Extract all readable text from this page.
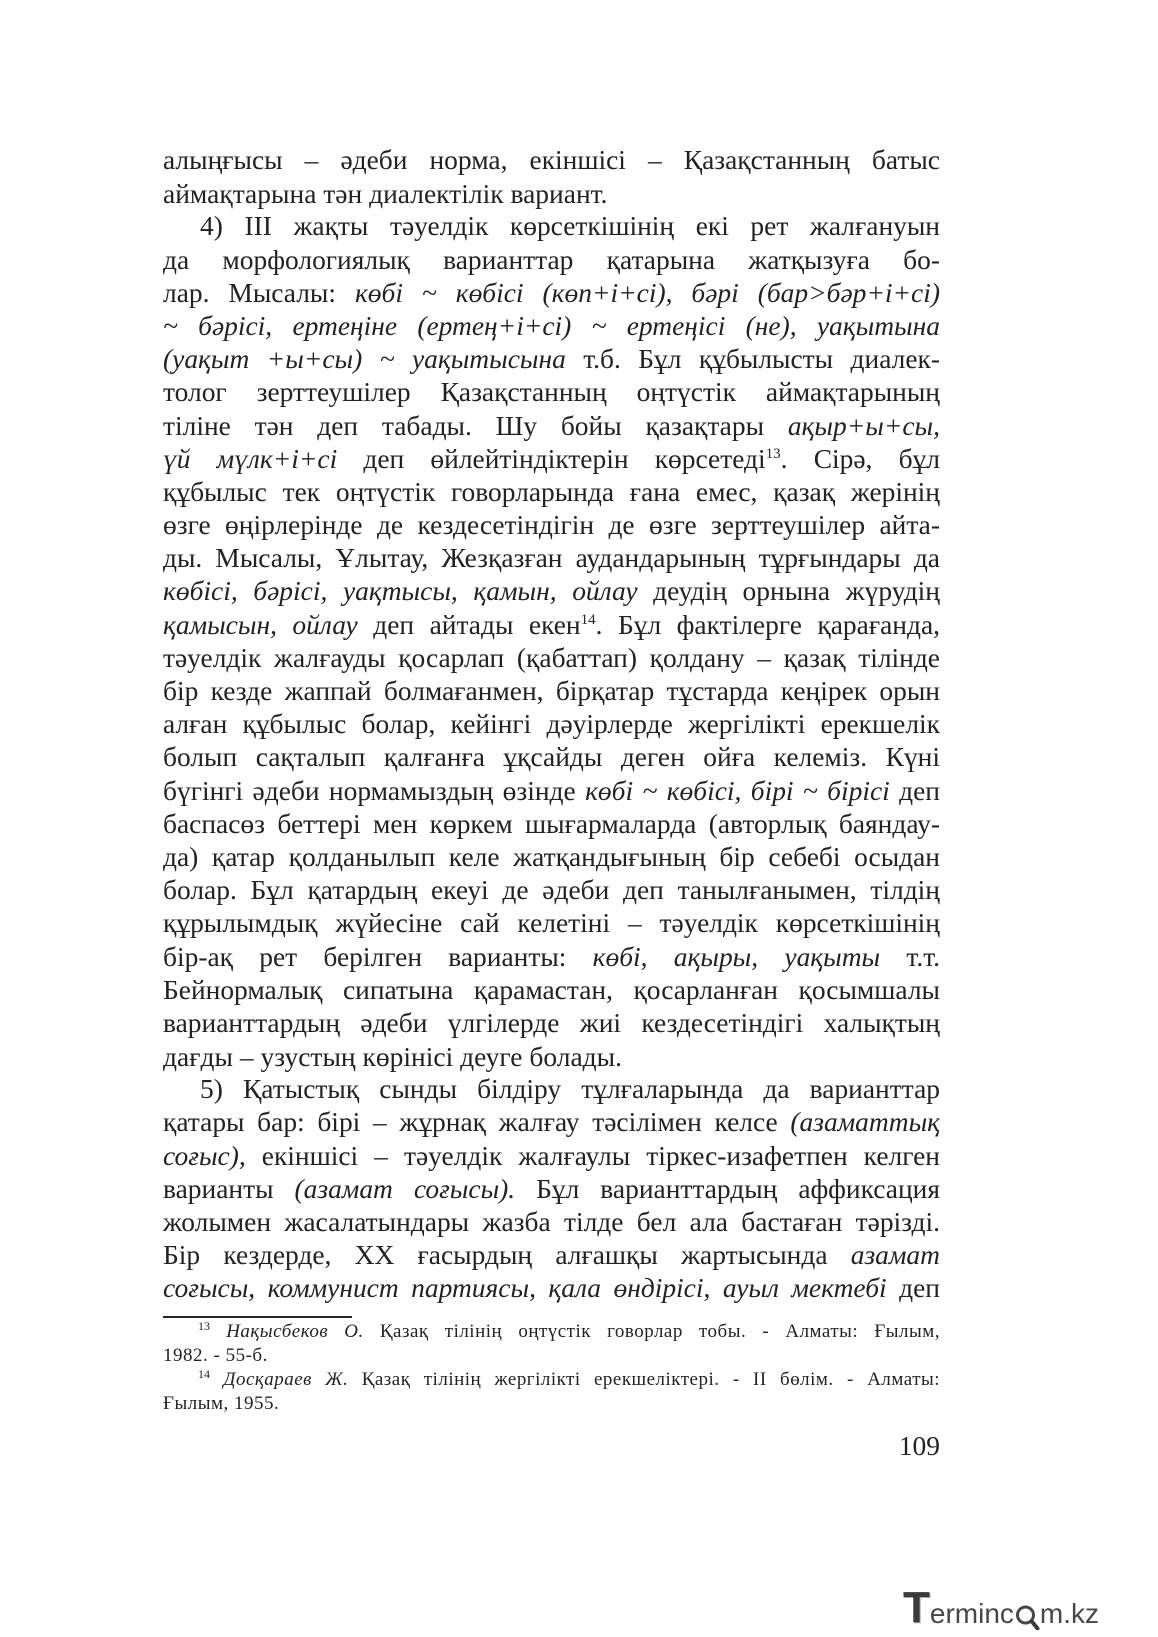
алыңғысы – әдеби норма, екіншісі – Қазақстанның батыс
аймақтарына тән диалектілік вариант.
4) III жақты тәуелдік көрсеткішінің екі рет жалғануын
да морфологиялық варианттар қатарына жатқызуға бо-
лар. Мысалы: көбі ~ көбісі (көп+і+сі), бәрі (бар>бәр+і+сі)
~ бәрісі, ертеңіне (ертең+і+сі) ~ ертеңісі (не), уақытына
(уақыт +ы+сы) ~ уақытысына т.б. Бұл құбылысты диалек-
толог зерттеушілер Қазақстанның оңтүстік аймақтарының
тіліне тән деп табады. Шу бойы қазақтары ақыр+ы+сы,
үй мүлк+і+сі деп өйлейтіндіктерін көрсетеді$^{13}$. Сірә, бұл
құбылыс тек оңтүстік говорларында ғана емес, қазақ жерінің
өзге өңірлерінде де кездесетіндігін де өзге зерттеушілер айта-
ды. Мысалы, Ұлытау, Жезқазған аудандарының тұрғындары да
көбісі, бәрісі, уақтысы, қамын, ойлау деудің орнына жүрудің
қамысын, ойлау деп айтады екен$^{14}$. Бұл фактілерге қарағанда,
тәуелдік жалғауды қосарлап (қабаттап) қолдану – қазақ тілінде
бір кезде жаппай болмағанмен, бірқатар тұстарда кеңірек орын
алған құбылыс болар, кейінгі дәуірлерде жергілікті ерекшелік
болып сақталып қалғанға ұқсайды деген ойға келеміз. Күні
бүгінгі әдеби нормамыздың өзінде көбі ~ көбісі, бірі ~ бірісі деп
баспасөз беттері мен көркем шығармаларда (авторлық баяндау-
да) қатар қолданылып келе жатқандығының бір себебі осыдан
болар. Бұл қатардың екеуі де әдеби деп танылғанымен, тілдің
құрылымдық жүйесіне сай келетіні – тәуелдік көрсеткішінің
бір-ақ рет берілген варианты: көбі, ақыры, уақыты т.т.
Бейнормалық сипатына қарамастан, қосарланған қосымшалы
варианттардың әдеби үлгілерде жиі кездесетіндігі халықтың
дағды – узустың көрінісі деуге болады.
5) Қатыстық сынды білдіру тұлғаларында да варианттар
қатары бар: бірі – жұрнақ жалғау тәсілімен келсе (азаматтық
соғыс), екіншісі – тәуелдік жалғаулы тіркес-изафетпен келген
варианты (азамат соғысы). Бұл варианттардың аффиксация
жолымен жасалатындары жазба тілде бел ала бастаған тәрізді.
Бір кездерде, XX ғасырдың алғашқы жартысында азамат
соғысы, коммунист партиясы, қала өндірісі, ауыл мектебі деп
$^{13}$ Нақысбеков О. Қазақ тілінің оңтүстік говорлар тобы. - Алматы: Ғылым,
1982. - 55-б.
$^{14}$ Досқараев Ж. Қазақ тілінің жергілікті ерекшеліктері. - II бөлім. - Алматы:
Ғылым, 1955.
109
T erminc m.kz
